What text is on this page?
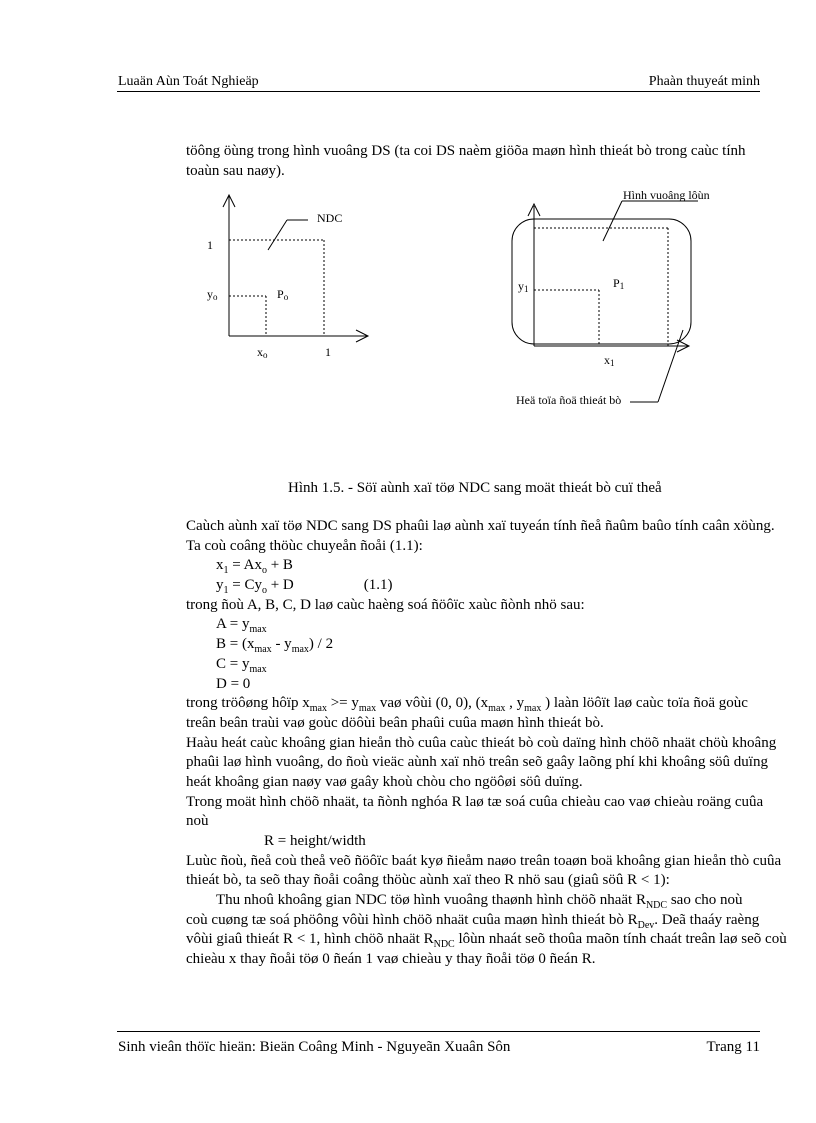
Luaän Aùn Toát Nghieäp	Phaàn thuyeát minh
töông öùng trong hình vuoâng DS (ta coi DS naèm giöõa maøn hình thieát bò trong caùc tính
toaùn sau naøy).
NDC
1
yo	Po
xo	1
Hình vuoâng lôùn
y1	P1
x1
Heä toïa ñoä thieát bò
Hình 1.5. - Söï aùnh xaï töø NDC sang moät thieát bò cuï theå
Caùch aùnh xaï töø NDC sang DS phaûi laø aùnh xaï tuyeán tính ñeå ñaûm baûo tính caân xöùng.
Ta coù coâng thöùc chuyeån ñoåi (1.1):
$x_1 = Ax_o + B$
$y_1 = Cy_o + D$	(1.1)
trong ñoù A, B, C, D laø caùc haèng soá ñöôïc xaùc ñònh nhö sau:
$A = y_{max}$
$B = (x_{max} - y_{max}) / 2$
$C = y_{max}$
D = 0
trong tröôøng hôïp $x_{max} >= y_{max}$ vaø vôùi (0, 0), ($x_{max}$ , $y_{max}$ ) laàn löôït laø caùc toïa ñoä goùc
treân beân traùi vaø goùc döôùi beân phaûi cuûa maøn hình thieát bò.
Haàu heát caùc khoâng gian hieån thò cuûa caùc thieát bò coù daïng hình chöõ nhaät chöù khoâng
phaûi laø hình vuoâng, do ñoù vieäc aùnh xaï nhö treân seõ gaây laõng phí khi khoâng söû duïng
heát khoâng gian naøy vaø gaây khoù chòu cho ngöôøi söû duïng.
Trong moät hình chöõ nhaät, ta ñònh nghóa R laø tæ soá cuûa chieàu cao vaø chieàu roäng cuûa
noù
R = height/width
Luùc ñoù, ñeå coù theå veõ ñöôïc baát kyø ñieåm naøo treân toaøn boä khoâng gian hieån thò cuûa
thieát bò, ta seõ thay ñoåi coâng thöùc aùnh xaï theo R nhö sau (giaû söû R < 1):
Thu nhoû khoâng gian NDC töø hình vuoâng thaønh hình chöõ nhaät $R_{NDC}$ sao cho noù
coù cuøng tæ soá phöông vôùi hình chöõ nhaät cuûa maøn hình thieát bò $R_{Dev}$. Deã thaáy raèng
vôùi giaû thieát R < 1, hình chöõ nhaät $R_{NDC}$ lôùn nhaát seõ thoûa maõn tính chaát treân laø seõ coù
chieàu x thay ñoåi töø 0 ñeán 1 vaø chieàu y thay ñoåi töø 0 ñeán R.
Sinh vieân thöïc hieän: Bieän Coâng Minh - Nguyeãn Xuaân Sôn	Trang 11
